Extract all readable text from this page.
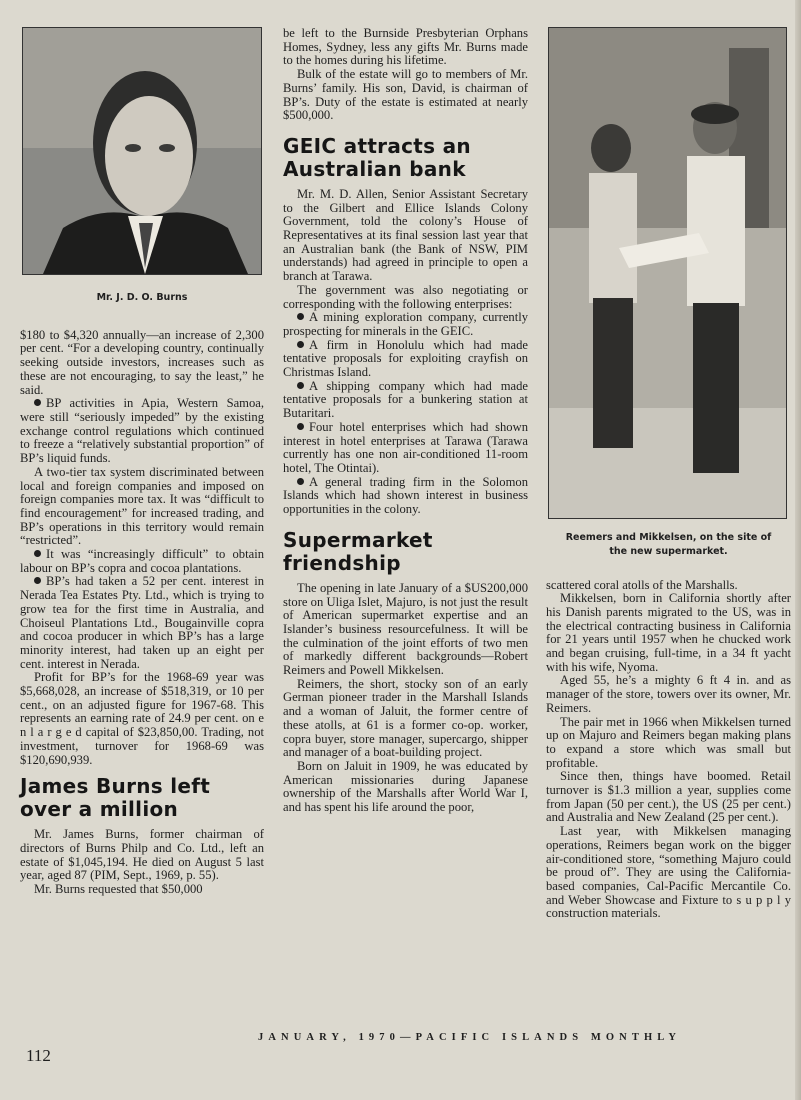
Mr. J. D. O. Burns

$180 to $4,320 annually—an increase of 2,300 per cent. “For a developing country, continually seeking outside investors, increases such as these are not encouraging, to say the least,” he said.

BP activities in Apia, Western Samoa, were still “seriously impeded” by the existing exchange control regulations which continued to freeze a “relatively substantial proportion” of BP’s liquid funds.

A two-tier tax system discriminated between local and foreign companies and imposed on foreign companies more tax. It was “difficult to find encouragement” for increased trading, and BP’s operations in this territory would remain “restricted”.

It was “increasingly difficult” to obtain labour on BP’s copra and cocoa plantations.
BP’s had taken a 52 per cent. interest in Nerada Tea Estates Pty. Ltd., which is trying to grow tea for the first time in Australia, and Choiseul Plantations Ltd., Bougainville copra and cocoa producer in which BP’s has a large minority interest, had taken up an eight per cent. interest in Nerada.

Profit for BP’s for the 1968-69 year was $5,668,028, an increase of $518,319, or 10 per cent., on an adjusted figure for 1967-68. This represents an earning rate of 24.9 per cent. on e n l a r g e d capital of $23,850,00. Trading, not investment, turnover for 1968-69 was $120,690,939.

James Burns left over a million

Mr. James Burns, former chairman of directors of Burns Philp and Co. Ltd., left an estate of $1,045,194. He died on August 5 last year, aged 87 (PIM, Sept., 1969, p. 55).

Mr. Burns requested that $50,000

be left to the Burnside Presbyterian Orphans Homes, Sydney, less any gifts Mr. Burns made to the homes during his lifetime.

Bulk of the estate will go to members of Mr. Burns’ family. His son, David, is chairman of BP’s. Duty of the estate is estimated at nearly $500,000.

GEIC attracts an Australian bank

Mr. M. D. Allen, Senior Assistant Secretary to the Gilbert and Ellice Islands Colony Government, told the colony’s House of Representatives at its final session last year that an Australian bank (the Bank of NSW, PIM understands) had agreed in principle to open a branch at Tarawa.

The government was also negotiating or corresponding with the following enterprises:

A mining exploration company, currently prospecting for minerals in the GEIC.
A firm in Honolulu which had made tentative proposals for exploiting crayfish on Christmas Island.
A shipping company which had made tentative proposals for a bunkering station at Butaritari.
Four hotel enterprises which had shown interest in hotel enterprises at Tarawa (Tarawa currently has one non air-conditioned 11-room hotel, The Otintai).
A general trading firm in the Solomon Islands which had shown interest in business opportunities in the colony.
Supermarket friendship

The opening in late January of a $US200,000 store on Uliga Islet, Majuro, is not just the result of American supermarket expertise and an Islander’s business resourcefulness. It will be the culmination of the joint efforts of two men of markedly different backgrounds—Robert Reimers and Powell Mikkelsen.

Reimers, the short, stocky son of an early German pioneer trader in the Marshall Islands and a woman of Jaluit, the former centre of these atolls, at 61 is a former co-op. worker, copra buyer, store manager, supercargo, shipper and manager of a boat-building project.

Born on Jaluit in 1909, he was educated by American missionaries during Japanese ownership of the Marshalls after World War I, and has spent his life around the poor,

Reemers and Mikkelsen, on the site of
the new supermarket.

scattered coral atolls of the Marshalls.

Mikkelsen, born in California shortly after his Danish parents migrated to the US, was in the electrical contracting business in California for 21 years until 1957 when he chucked work and began cruising, full-time, in a 34 ft yacht with his wife, Nyoma.

Aged 55, he’s a mighty 6 ft 4 in. and as manager of the store, towers over its owner, Mr. Reimers.

The pair met in 1966 when Mikkelsen turned up on Majuro and Reimers began making plans to expand a store which was small but profitable.

Since then, things have boomed. Retail turnover is $1.3 million a year, supplies come from Japan (50 per cent.), the US (25 per cent.) and Australia and New Zealand (25 per cent.).

Last year, with Mikkelsen managing operations, Reimers began work on the bigger air-conditioned store, “something Majuro could be proud of”. They are using the California-based companies, Cal-Pacific Mercantile Co. and Weber Showcase and Fixture to s u p p l y construction materials.

112
JANUARY, 1970—PACIFIC ISLANDS MONTHLY
